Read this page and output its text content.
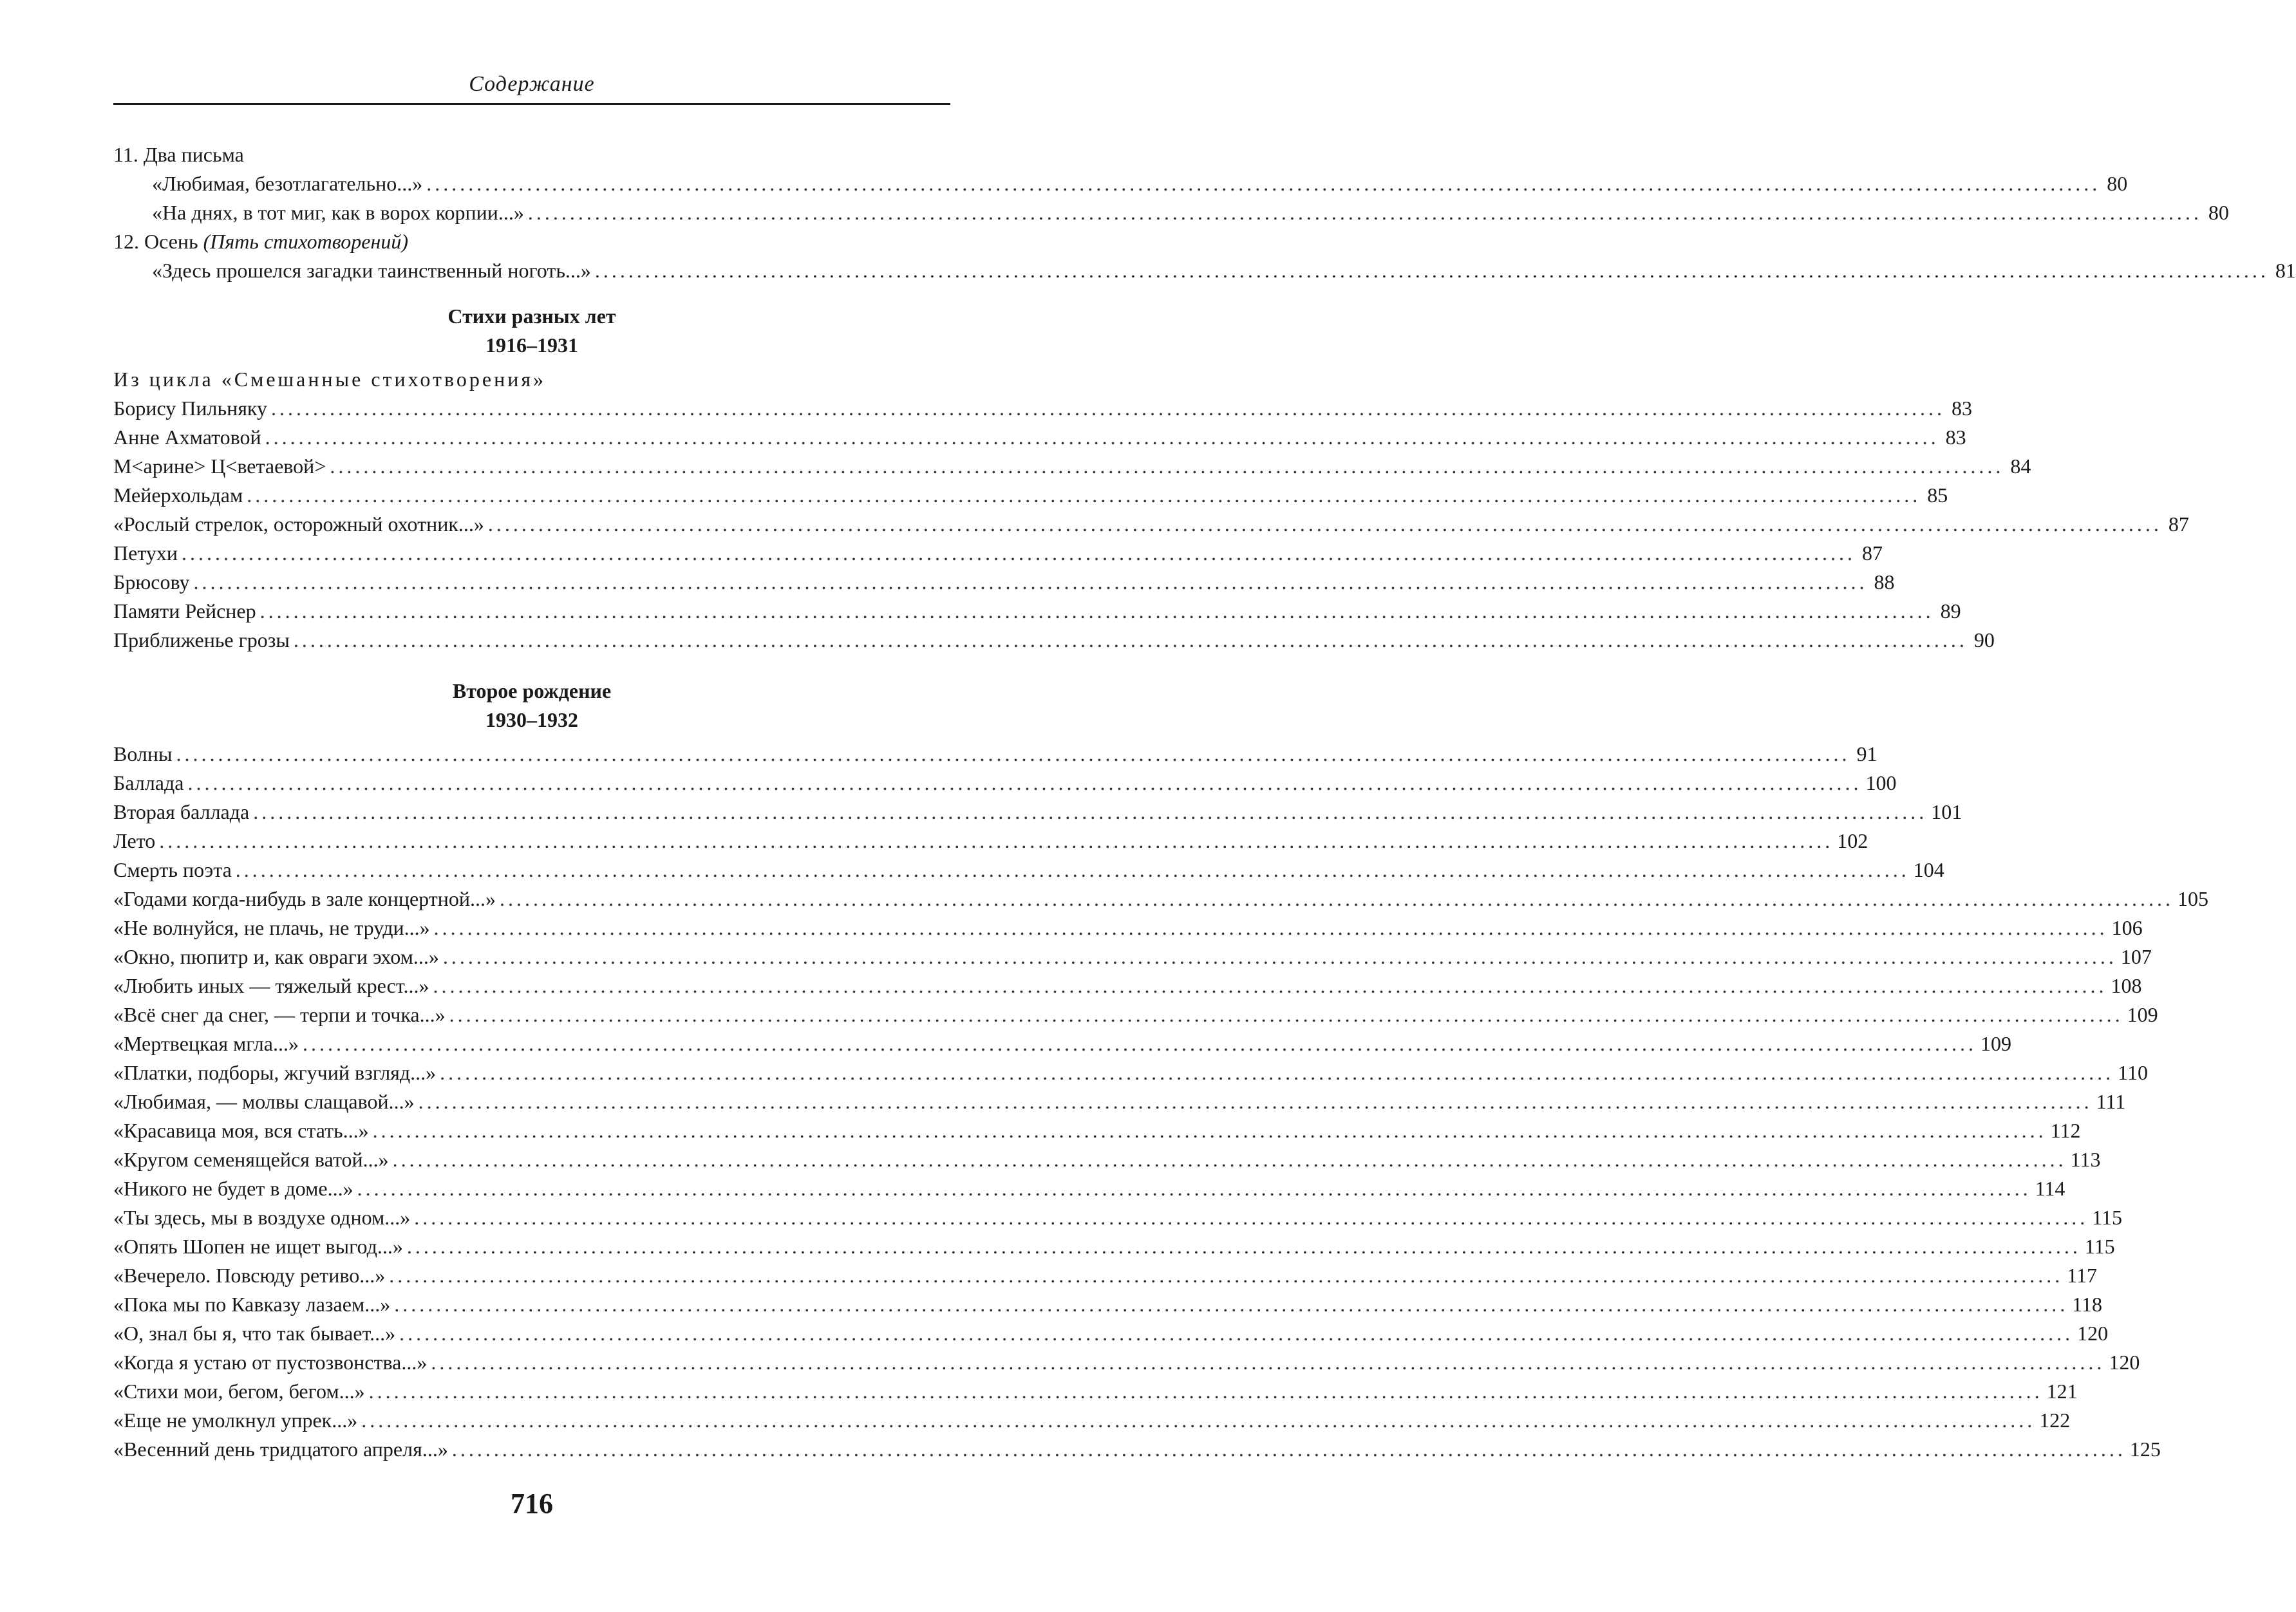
Содержание
11. Два письма
«Любимая, безотлагательно...» ........................................................................................................................................................................................................ 80
«На днях, в тот миг, как в ворох корпии...» ........................................................................................................................................................................................................ 80
12. Осень (Пять стихотворений)
«Здесь прошелся загадки таинственный ноготь...» ........................................................................................................................................................................................................ 81
Стихи разных лет
1916–1931
Из цикла «Смешанные стихотворения»
Борису Пильняку ........................................................................................................................................................................................................ 83
Анне Ахматовой ........................................................................................................................................................................................................ 83
М<арине> Ц<ветаевой> ........................................................................................................................................................................................................ 84
Мейерхольдам ........................................................................................................................................................................................................ 85
«Рослый стрелок, осторожный охотник...» ........................................................................................................................................................................................................ 87
Петухи ........................................................................................................................................................................................................ 87
Брюсову ........................................................................................................................................................................................................ 88
Памяти Рейснер ........................................................................................................................................................................................................ 89
Приближенье грозы ........................................................................................................................................................................................................ 90
Второе рождение
1930–1932
Волны ........................................................................................................................................................................................................ 91
Баллада ........................................................................................................................................................................................................ 100
Вторая баллада ........................................................................................................................................................................................................ 101
Лето ........................................................................................................................................................................................................ 102
Смерть поэта ........................................................................................................................................................................................................ 104
«Годами когда-нибудь в зале концертной...» ........................................................................................................................................................................................................ 105
«Не волнуйся, не плачь, не труди...» ........................................................................................................................................................................................................ 106
«Окно, пюпитр и, как овраги эхом...» ........................................................................................................................................................................................................ 107
«Любить иных — тяжелый крест...» ........................................................................................................................................................................................................ 108
«Всё снег да снег, — терпи и точка...» ........................................................................................................................................................................................................ 109
«Мертвецкая мгла...» ........................................................................................................................................................................................................ 109
«Платки, подборы, жгучий взгляд...» ........................................................................................................................................................................................................ 110
«Любимая, — молвы слащавой...» ........................................................................................................................................................................................................ 111
«Красавица моя, вся стать...» ........................................................................................................................................................................................................ 112
«Кругом семенящейся ватой...» ........................................................................................................................................................................................................ 113
«Никого не будет в доме...» ........................................................................................................................................................................................................ 114
«Ты здесь, мы в воздухе одном...» ........................................................................................................................................................................................................ 115
«Опять Шопен не ищет выгод...» ........................................................................................................................................................................................................ 115
«Вечерело. Повсюду ретиво...» ........................................................................................................................................................................................................ 117
«Пока мы по Кавказу лазаем...» ........................................................................................................................................................................................................ 118
«О, знал бы я, что так бывает...» ........................................................................................................................................................................................................ 120
«Когда я устаю от пустозвонства...» ........................................................................................................................................................................................................ 120
«Стихи мои, бегом, бегом...» ........................................................................................................................................................................................................ 121
«Еще не умолкнул упрек...» ........................................................................................................................................................................................................ 122
«Весенний день тридцатого апреля...» ........................................................................................................................................................................................................ 125
716
